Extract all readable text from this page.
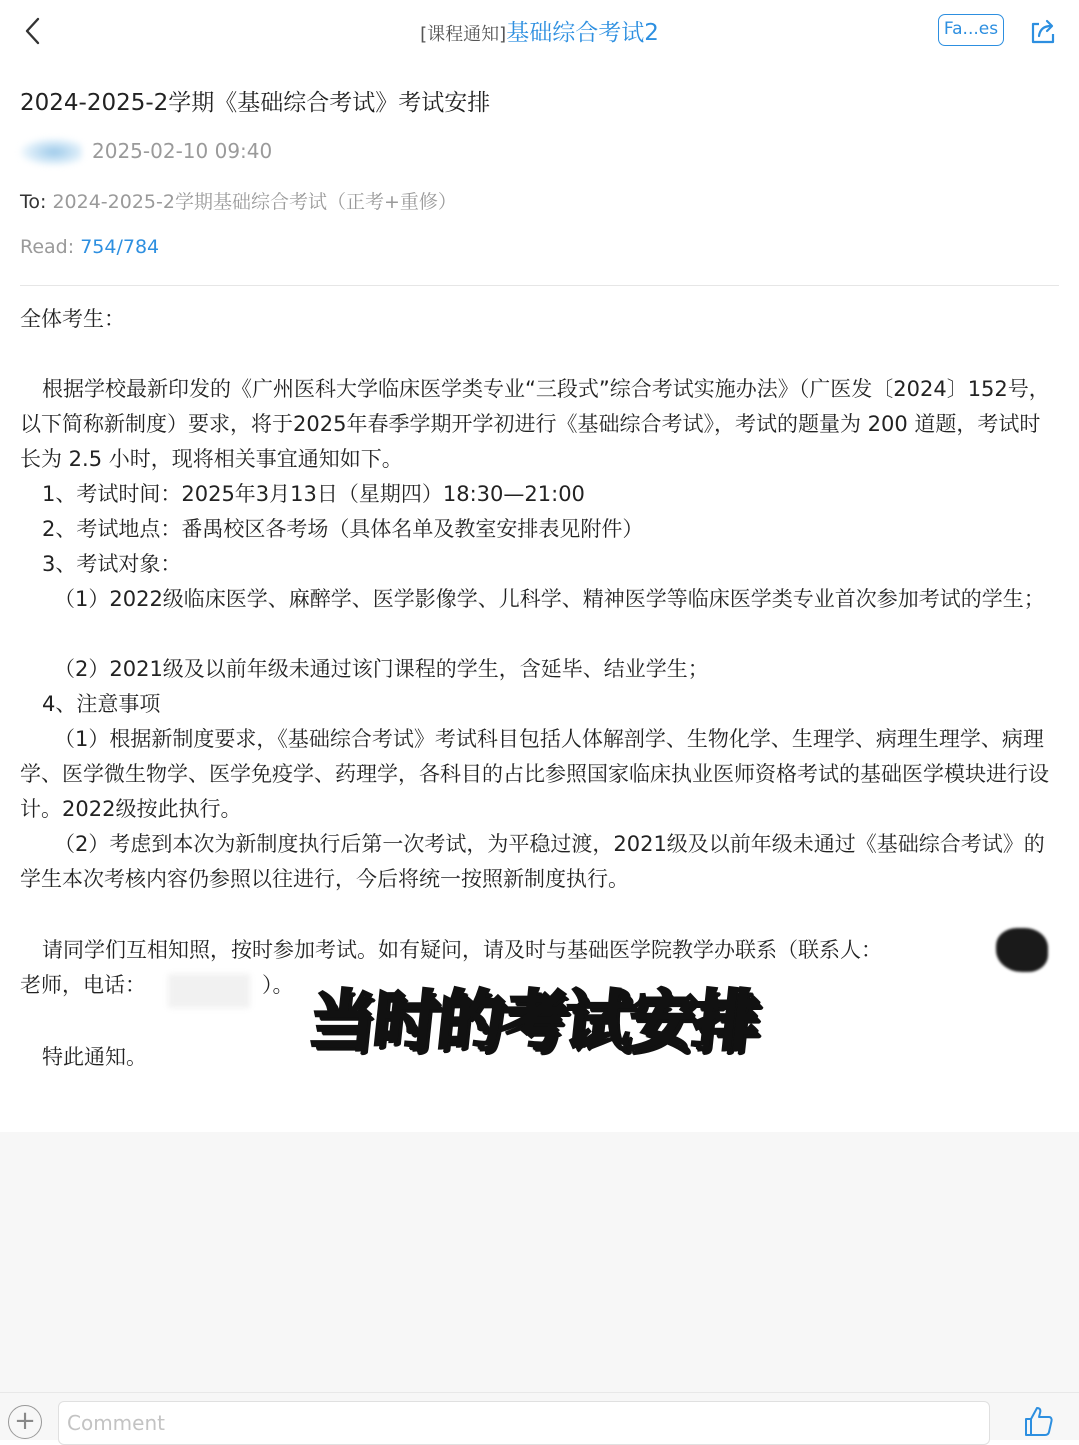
[课程通知]基础综合考试2	Fa...es
2024-2025-2学期《基础综合考试》考试安排
2025-02-10 09:40
To: 2024-2025-2学期基础综合考试（正考+重修）
Read: 754/784

全体考生：

根据学校最新印发的《广州医科大学临床医学类专业“三段式”综合考试实施办法》（广医发〔2024〕152号，以下简称新制度）要求，将于2025年春季学期开学初进行《基础综合考试》，考试的题量为 200 道题，考试时长为 2.5 小时，现将相关事宜通知如下。

1、考试时间：2025年3月13日（星期四）18:30—21:00

2、考试地点：番禺校区各考场（具体名单及教室安排表见附件）

3、考试对象：

（1）2022级临床医学、麻醉学、医学影像学、儿科学、精神医学等临床医学类专业首次参加考试的学生；

（2）2021级及以前年级未通过该门课程的学生，含延毕、结业学生；

4、注意事项

（1）根据新制度要求，《基础综合考试》考试科目包括人体解剖学、生物化学、生理学、病理生理学、病理学、医学微生物学、医学免疫学、药理学，各科目的占比参照国家临床执业医师资格考试的基础医学模块进行设计。2022级按此执行。

（2）考虑到本次为新制度执行后第一次考试，为平稳过渡，2021级及以前年级未通过《基础综合考试》的学生本次考核内容仍参照以往进行，今后将统一按照新制度执行。

请同学们互相知照，按时参加考试。如有疑问，请及时与基础医学院教学办联系（联系人：

老师，电话：	）。

特此通知。	当时的考试安排
+
Comment
